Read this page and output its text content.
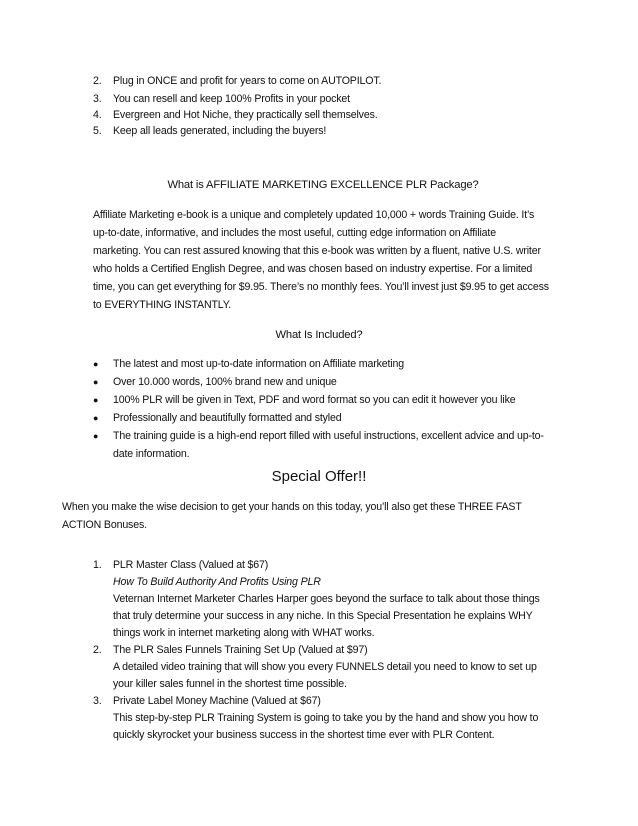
2.	Plug in ONCE and profit for years to come on AUTOPILOT.
3.	You can resell and keep 100% Profits in your pocket
4.	Evergreen and Hot Niche, they practically sell themselves.
5.	Keep all leads generated, including the buyers!
What is AFFILIATE MARKETING EXCELLENCE PLR Package?
Affiliate Marketing e-book is a unique and completely updated 10,000 + words Training Guide. It’s
up-to-date, informative, and includes the most useful, cutting edge information on Affiliate
marketing. You can rest assured knowing that this e-book was written by a fluent, native U.S. writer
who holds a Certified English Degree, and was chosen based on industry expertise. For a limited
time, you can get everything for $9.95. There’s no monthly fees. You’ll invest just $9.95 to get access
to EVERYTHING INSTANTLY.
What Is Included?
● The latest and most up-to-date information on Affiliate marketing
● Over 10.000 words, 100% brand new and unique
● 100% PLR will be given in Text, PDF and word format so you can edit it however you like
● Professionally and beautifully formatted and styled
● The training guide is a high-end report filled with useful instructions, excellent advice and up-to-
date information.
Special Offer!!
When you make the wise decision to get your hands on this today, you’ll also get these THREE FAST
ACTION Bonuses.
1.	PLR Master Class (Valued at $67)
How To Build Authority And Profits Using PLR
Veternan Internet Marketer Charles Harper goes beyond the surface to talk about those things
that truly determine your success in any niche. In this Special Presentation he explains WHY
things work in internet marketing along with WHAT works.
2.	The PLR Sales Funnels Training Set Up (Valued at $97)
A detailed video training that will show you every FUNNELS detail you need to know to set up
your killer sales funnel in the shortest time possible.
3.	Private Label Money Machine (Valued at $67)
This step-by-step PLR Training System is going to take you by the hand and show you how to
quickly skyrocket your business success in the shortest time ever with PLR Content.
